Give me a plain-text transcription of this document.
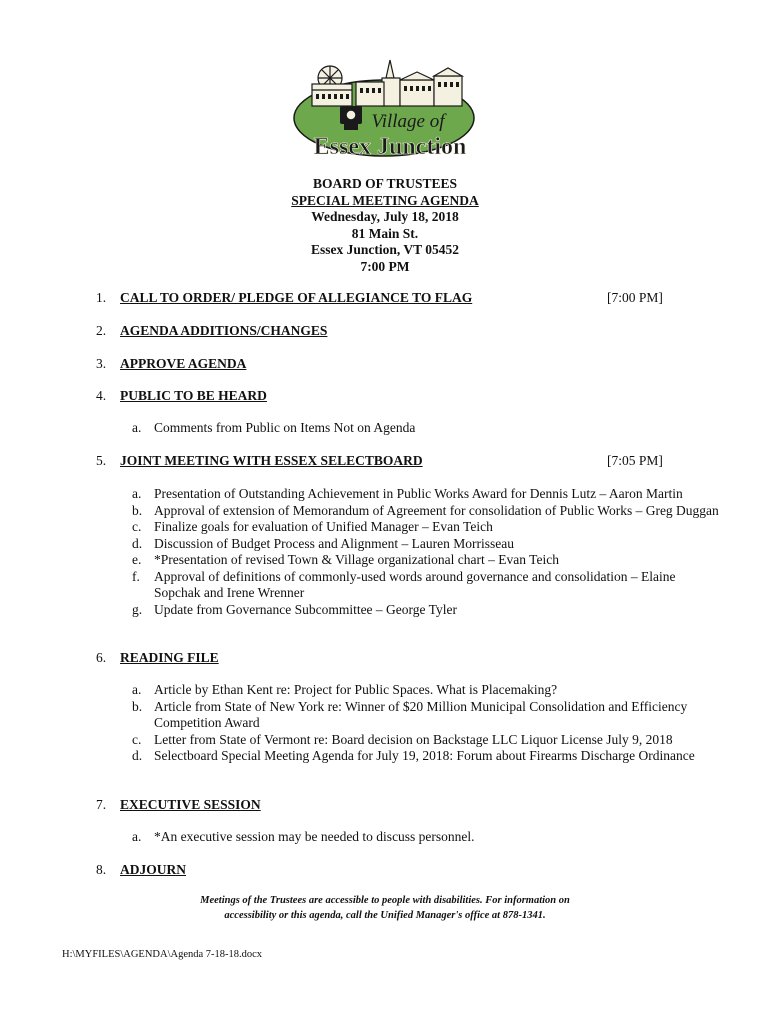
Village of
Essex Junction
BOARD OF TRUSTEES
SPECIAL MEETING AGENDA
Wednesday, July 18, 2018
81 Main St.
Essex Junction, VT 05452
7:00 PM
1. CALL TO ORDER/ PLEDGE OF ALLEGIANCE TO FLAG	[7:00 PM]
2. AGENDA ADDITIONS/CHANGES
3. APPROVE AGENDA
4. PUBLIC TO BE HEARD
a. Comments from Public on Items Not on Agenda
5. JOINT MEETING WITH ESSEX SELECTBOARD	[7:05 PM]
a. Presentation of Outstanding Achievement in Public Works Award for Dennis Lutz – Aaron Martin
b. Approval of extension of Memorandum of Agreement for consolidation of Public Works – Greg Duggan
c. Finalize goals for evaluation of Unified Manager – Evan Teich
d. Discussion of Budget Process and Alignment – Lauren Morrisseau
e. *Presentation of revised Town & Village organizational chart – Evan Teich
f.	Approval of definitions of commonly-used words around governance and consolidation – Elaine Sopchak and Irene Wrenner
g. Update from Governance Subcommittee – George Tyler
6. READING FILE
a. Article by Ethan Kent re: Project for Public Spaces. What is Placemaking?
b. Article from State of New York re: Winner of $20 Million Municipal Consolidation and Efficiency Competition Award
c. Letter from State of Vermont re: Board decision on Backstage LLC Liquor License July 9, 2018
d. Selectboard Special Meeting Agenda for July 19, 2018: Forum about Firearms Discharge Ordinance
7. EXECUTIVE SESSION
a. *An executive session may be needed to discuss personnel.
8. ADJOURN
Meetings of the Trustees are accessible to people with disabilities. For information on
accessibility or this agenda, call the Unified Manager's office at 878-1341.
H:\MYFILES\AGENDA\Agenda 7-18-18.docx
